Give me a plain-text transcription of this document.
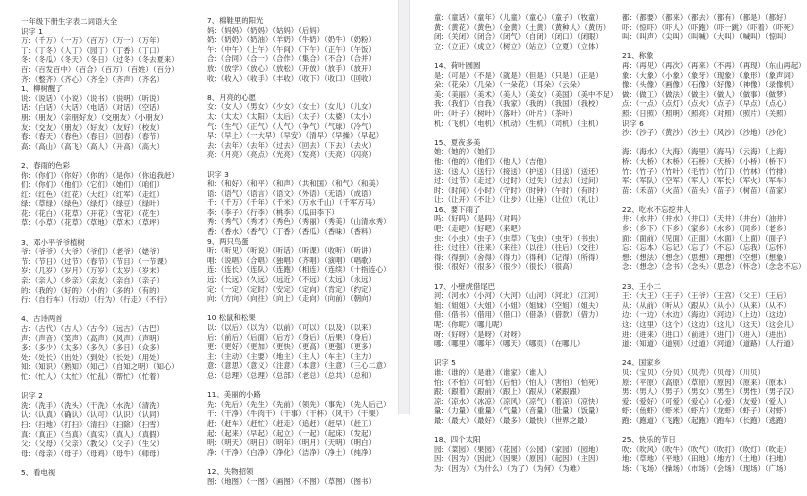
一年级下册生字表二词语大全
识字 1
万:（千万）（一万）（百万）（万一）（万年）
丁:（丁冬）（人丁）（园丁）（丁香）（丁口）
冬:（冬瓜）（冬天）（冬日）（过冬）（冬去夏来）
百:（百发百中）（百合）（百万）（百姓）（百分）
齐:（整齐）（齐心）（齐全）（齐声）（齐名）
1、柳树醒了
说:（说话）（小说）（说书）（说明）（听说）
话:（白话）（大话）（电话）（对话）（空话）
朋:（朋友）（亲朋好友）（交朋友）（小朋友）
友:（交友）（朋友）（好友）（友好）（校友）
春:（春天）（春色）（春日）（回春）（春节）
高:（高山）（高飞）（高人）（升高）（高大）
2、春雨的色彩
你:（你们）（你好）（你的）（是你）（你追我赶）
们:（你们）（他们）（它们）（她们）（咱们）
红:（红色）（红花）（大红）（红军）（走红）
绿:（草绿）（绿色）（绿灯）（绿豆）（绿叶）
花:（花白）（花草）（开花）（雪花）（花生）
草:（小草）（花草）（草地）（草木）（草坪）
3、邓小平爷爷植树
爷:（爷爷）（大爷）（爷们）（老爷）（姥爷）
节:（节日）（过节）（春节）（节目）（一节课）
岁:（几岁）（岁月）（万岁）（太岁）（岁末）
亲:（亲人）（乡亲）（亲友）（亲自）（亲子）
的:（我的）（好的）（小的）（多的）（有的）
行:（自行车）（行动）（行为）（行走）（不行）
4、古诗两首
古:（古代）（古人）（古今）（远古）（古巴）
声:（声音）（笑声）（高声）（风声）（声明）
多:（多少）（太多）（多久）（多日）（众多）
处:（处长）（出处）（到处）（长处）（用处）
知:（知识）（熟知）（知己）（自知之明）（知心）
忙:（忙人）（太忙）（忙乱）（帮忙）（忙着）
识字 2
洗:（洗手）（洗头）（干洗）（水洗）（清洗）
认:（认真）（确认）（认可）（认识）（认同）
扫:（扫地）（打扫）（清扫）（扫除）（扫雪）
真:（真正）（当真）（真实）（真人）（真假）
父:（父母）（父亲）（教父）（父子）（生父）
母:（母亲）（母子）（母鸡）（母牛）（师母）
5、看电视
7、棉鞋里的阳光
妈:（妈妈）（奶妈）（姑妈）（后妈）
奶:（奶奶）（奶油）（羊奶）（牛奶）（奶牛）（奶粉）
午:（中午）（上午）（午间）（下午）（正午）（午饭）
合:（合同）（合一）（合作）（集合）（不合）（合并）
放:（放学）（放心）（放松）（开放）（放手）（放开）
收:（收入）（收手）（丰收）（收下）（收口）（回收）
8、月亮的心愿
女:（女人）（男女）（少女）（女士）（女儿）（儿女）
太:（太太）（太阳）（太后）（太子）（太婆）（太小）
气:（生气）（正气）（人气）（争气）（气球）（冷气）
早:（早上）（一大早）（早安）（清早）（早操）（早起）
去:（去年）（去年）（过去）（回去）（下去）（去火）
亮:（月亮）（亮点）（光亮）（发亮）（天亮）（闪亮）
识字 3
和:（和好）（和平）（和声）（共和国）（和气）（和美）
语:（语气）（语言）（语文）（外语）（无语）（成语）
千:（千万）（千年）（千米）（万水千山）（千军万马）
李:（李子）（行李）（桃李）（瓜田李下）
秀:（秀气）（秀才）（秀色）（秀丽）（秀美）（山清水秀）
香:（香水）（香气）（丁香）（香瓜）（香味）（香料）
9、两只鸟蛋
听:（听见）（听说）（听话）（听课）（收听）（听讲）
唱:（说唱）（合唱）（独唱）（齐唱）（演唱）（唱歌）
连:（连长）（连队）（连跑）（相连）（连续）（十指连心）
远:（长远）（久远）（远近）（不远）（太远）（永远）
定:（一定）（定时）（安定）（定向）（肯定）（约定）
向:（方向）（向往）（向上）（走向）（向前）（朝向）
10 松鼠和松果
以:（以后）（以为）（以前）（可以）（以及）（以来）
后:（前后）（后面）（后方）（身后）（后果）（身后）
更:（更好）（更加）（更快）（更高）（更强）（更多）
主:（主动）（主要）（地主）（主人）（车主）（主力）
意:（意思）（意义）（注意）（本意）（主意）（三心二意）
总:（总理）（总理）（总部）（老总）（总共）（总和）
11、美丽的小路
先:（先后）（先生）（先前）（领先）（事先）（先人后己）
干:（干净）（牛肉干）（干事）（干杯）（风干）（干果）
赶:（赶车）（赶忙）（赶走）（追赶）（赶早）（赶工）
起:（起来）（早起）（起立）（一起）（起床）（发起）
明:（明天）（明日）（明年）（明月）（天明）（明白）
净:（干净）（白净）（净化）（洁净）（净土）（纯净）
12、失物招领
图:（地图）（一图）（画图）（不图）（草图）（图书）
童:（童话）（童年）（儿童）（童心）（童子）（牧童）
黄:（黄花）（黄色）（金黄）（土黄）（黄种人）（黄历）
闭:（关闭）（闭合）（闭气）（自闭）（闭口）（闭眼）
立:（立正）（成立）（树立）（站立）（立夏）（立体）
14、荷叶圆圆
是:（可是）（不是）（就是）（但是）（只是）（正是）
朵:（花朵）（几朵）（一朵花）（耳朵）（云朵）
美:（美丽）（美术）（美人）（美女）（美国）（美中不足）
我:（我们）（自我）（我家）（我的）（我国）（我校）
叶:（叶子）（树叶）（落叶）（叶片）（茶叶）
机:（飞机）（电机）（机动）（生机）（司机）（主机）
15、夏夜多美
她:（她的）（她们）
他:（他的）（他们）（他人）（吉他）
送:（送人）（送行）（接送）（护送）（目送）（送还）
过:（过节）（走过）（过时）（过失）（过去）（过问）
时:（时间）（小时）（守时）（时钟）（午时）（有时）
让:（让开）（不让）（让步）（让座）（让位）（礼让）
16、要下雨了
吗:（好吗）（是吗）（对吗）
吧:（走吧）（好吧）（来吧）
虫:（小虫）（虫子）（虫草）（飞虫）（虫牙）（书虫）
往:（过往）（往来）（来往）（以往）（往后）（交往）
得:（得到）（舍得）（得力）（得利）（记得）（所得）
很:（很好）（很多）（很少）（很长）（很高）
17、小壁虎借尾巴
河:（河水）（小河）（大河）（山河）（河北）（江河）
姐:（姐姐）（大姐）（小姐）（姐妹）（空姐）（姐夫）
借:（借书）（借用）（借口）（借条）（借款）（借力）
呢:（你呢）（哪儿呢）
呀:（好呀）（是呀）（对呀）
哪:（哪里）（哪年）（哪天）（哪页）（在哪儿）
识字 5
谁:（谁的）（是谁）（谁家）（谁人）
怕:（不怕）（可怕）（后怕）（怕人）（害怕）（怕死）
跟:（跟着）（跟前）（跟上）（跟从）（紧跟跟）
凉:（凉水）（冰凉）（凉风）（凉气）（着凉）（凉快）
量:（力量）（重量）（气量）（音量）（肚量）（饭量）
最:（最大）（最好）（最多）（最快）（世界之最）
18、四个太阳
园:（菜园）（果园）（花园）（公园）（家园）（园地）
因:（因为）（因此）（因果）（原因）（起因）（主因）
为:（因为）（为什么）（为了）（为何）（为难）
都:（都要）（都来）（都去）（都有）（都是）（都好）
吓:（惊吓）（吓人）（吓跑）（吓一跳）（吓着）（吓死）
叫:（叫声）（尖叫）（叫喊）（大叫）（喊叫）（惊叫）
21、称象
再:（再见）（再次）（再来）（不再）（再现）（东山再起）
象:（大象）（小象）（象牙）（现象）（象形）（象声词）
像:（头像）（画像）（石像）（好像）（神像）（录像机）
做:（做工）（做法）（做主）（做人）（做事）（做梦）
点:（一点）（点灯）（点火）（点子）（早点）（点心）
照:（日照）（照明）（照亮）（对照）（照片）（关照）
识字 6
沙:（沙子）（黄沙）（沙土）（风沙）（沙地）（沙化）
海:（海水）（大海）（海里）（海马）（云海）（上海）
桥:（大桥）（木桥）（石桥）（天桥）（小桥）（桥下）
竹:（竹子）（竹叶）（毛竹）（竹门）（竹林）（竹排）
军:（军队）（空军）（军人）（军长）（军火）（军车）
苗:（禾苗）（火苗）（苗头）（苗子）（树苗）（苗家）
22、吃水不忘挖井人
井:（水井）（井水）（井口）（天井）（井台）（油井）
乡:（乡下）（下乡）（家乡）（水乡）（同乡）（老乡）
面:（面前）（见面）（正面）（水面）（上面）（面子）
忘:（忘本）（忘记）（忘了）（不忘）（忘我）（忘怀）
想:（想法）（想念）（思想）（理想）（空想）（想象）
念:（想念）（念书）（念头）（思念）（怀念）（念念不忘）
23、王小二
王:（大王）（王子）（王爷）（王宫）（父王）（王后）
从:（从前）（听从）（跟从）（从小）（从来）（从不）
边:（一边）（水边）（海边）（河边）（上边）（这边）
这:（这里）（这个）（这边）（这儿）（这天）（这会儿）
进:（进来）（进口）（前进）（进门）（进入）（进出）
道:（知道）（道别）（过道）（河道）（道路）（人行道）
24、国家乡
贝:（宝贝）（分贝）（贝壳）（贝母）（川贝）
原:（平原）（高原）（草原）（原因）（原来）（原本）
男:（男人）（男子）（男女）（男生）（男性）（男子汉）
爱:（爱好）（可爱）（爱心）（心爱）（友爱）（爱人）
虾:（鱼虾）（虾米）（虾片）（龙虾）（虾子）（对虾）
跑:（跑道）（飞跑）（起跑）（跑车）（长跑）（逃跑）
25、快乐的节日
吹:（吹风）（吹牛）（吹气）（吹打）（吹灯）（吹走）
地:（草地）（平地）（田地）（地方）（土地）（扫地）
场:（飞场）（操场）（市场）（会场）（现场）（广场）
